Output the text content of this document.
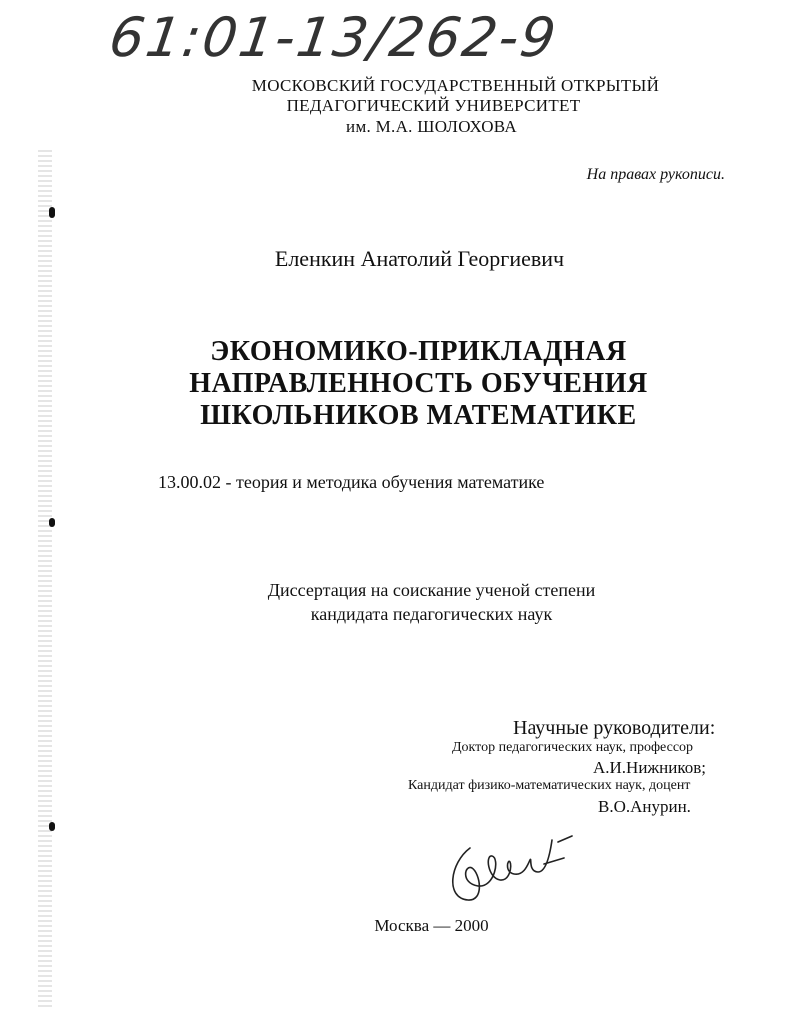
61:01-13/262-9
МОСКОВСКИЙ ГОСУДАРСТВЕННЫЙ ОТКРЫТЫЙ
ПЕДАГОГИЧЕСКИЙ УНИВЕРСИТЕТ
им. М.А. ШОЛОХОВА
На правах рукописи.
Еленкин Анатолий Георгиевич
ЭКОНОМИКО-ПРИКЛАДНАЯ
НАПРАВЛЕННОСТЬ ОБУЧЕНИЯ
ШКОЛЬНИКОВ МАТЕМАТИКЕ
13.00.02 - теория и методика обучения математике
Диссертация на соискание ученой степени
кандидата педагогических наук
Научные руководители:
Доктор педагогических наук, профессор
А.И.Нижников;
Кандидат физико-математических наук, доцент
В.О.Анурин.
Москва — 2000
